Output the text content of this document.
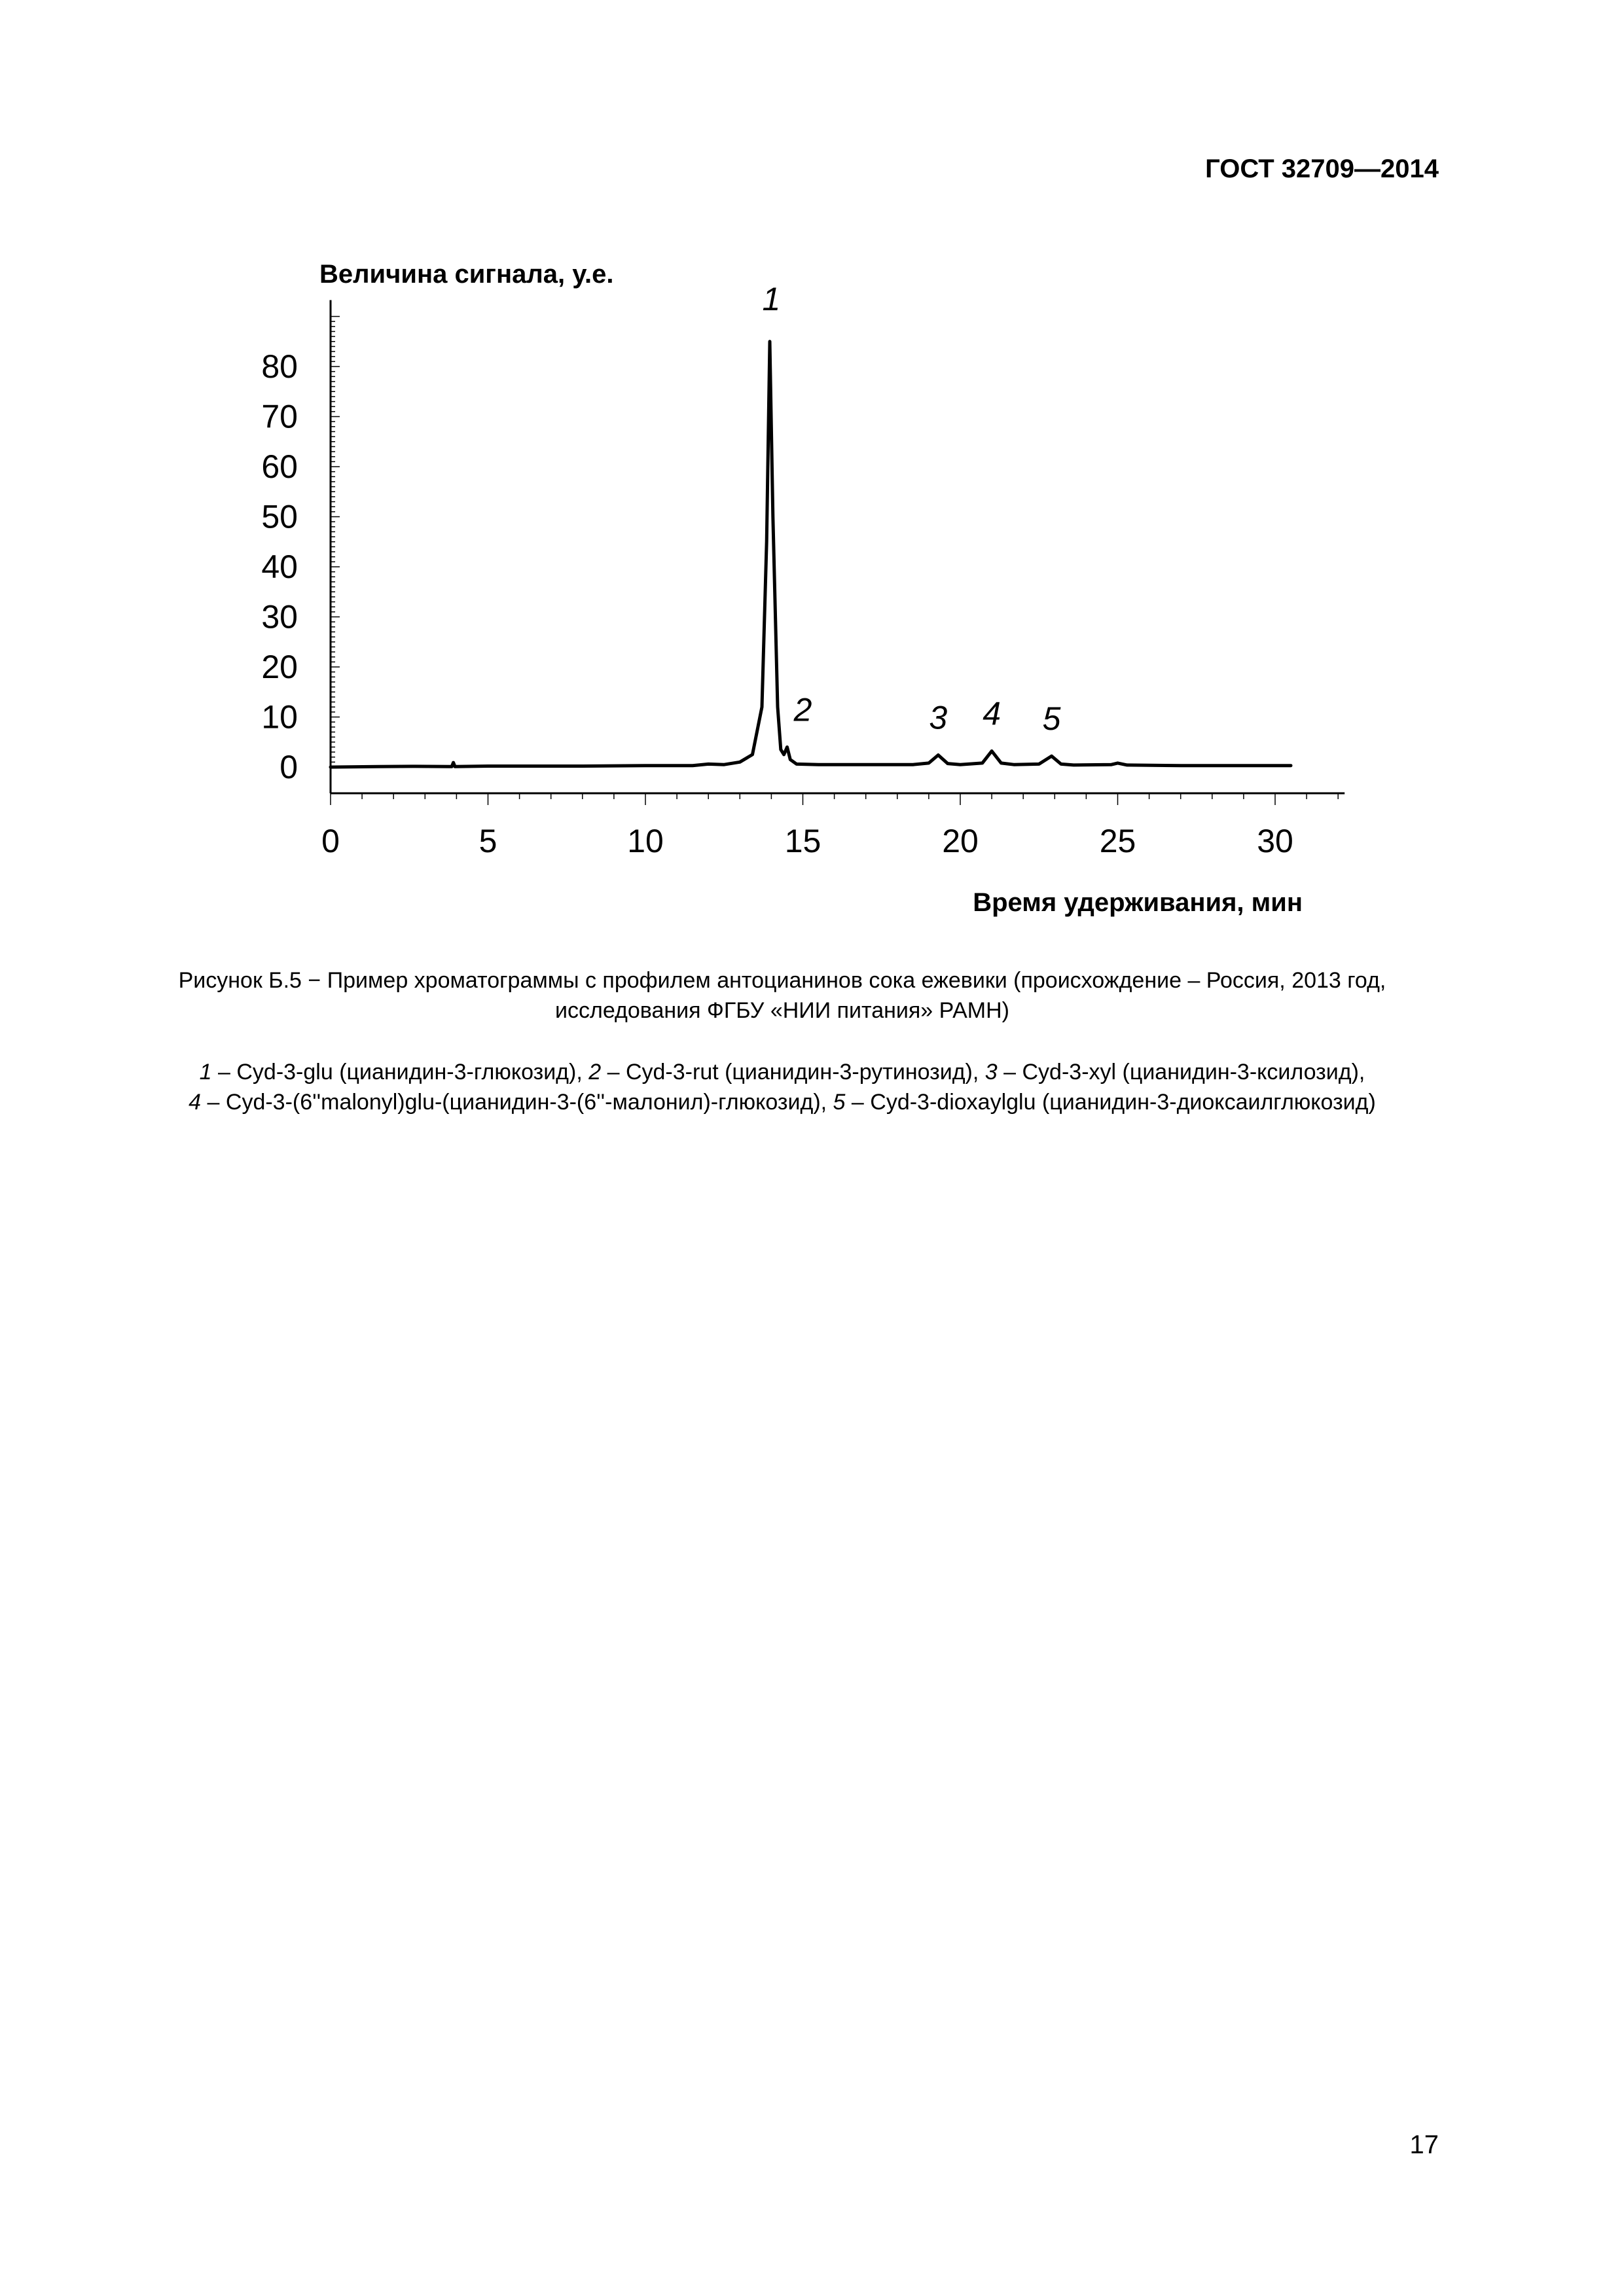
ГОСТ 32709—2014
Величина сигнала, у.е.
Время удерживания, мин
0
10
20
30
40
50
60
70
80
0	5	10	15	20	25	30
1
2	3 4 5
Рисунок Б.5 − Пример хроматограммы с профилем антоцианинов сока ежевики (происхождение – Россия, 2013 год, исследования ФГБУ «НИИ питания» РАМН)
1 – Cyd-3-glu (цианидин-3-глюкозид), 2 – Cyd-3-rut (цианидин-3-рутинозид), 3 – Cyd-3-xyl (цианидин-3-ксилозид),
4 – Cyd-3-(6''malonyl)glu-(цианидин-3-(6''-малонил)-глюкозид), 5 – Cyd-3-dioxaylglu (цианидин-3-диоксаилглюкозид)
17
